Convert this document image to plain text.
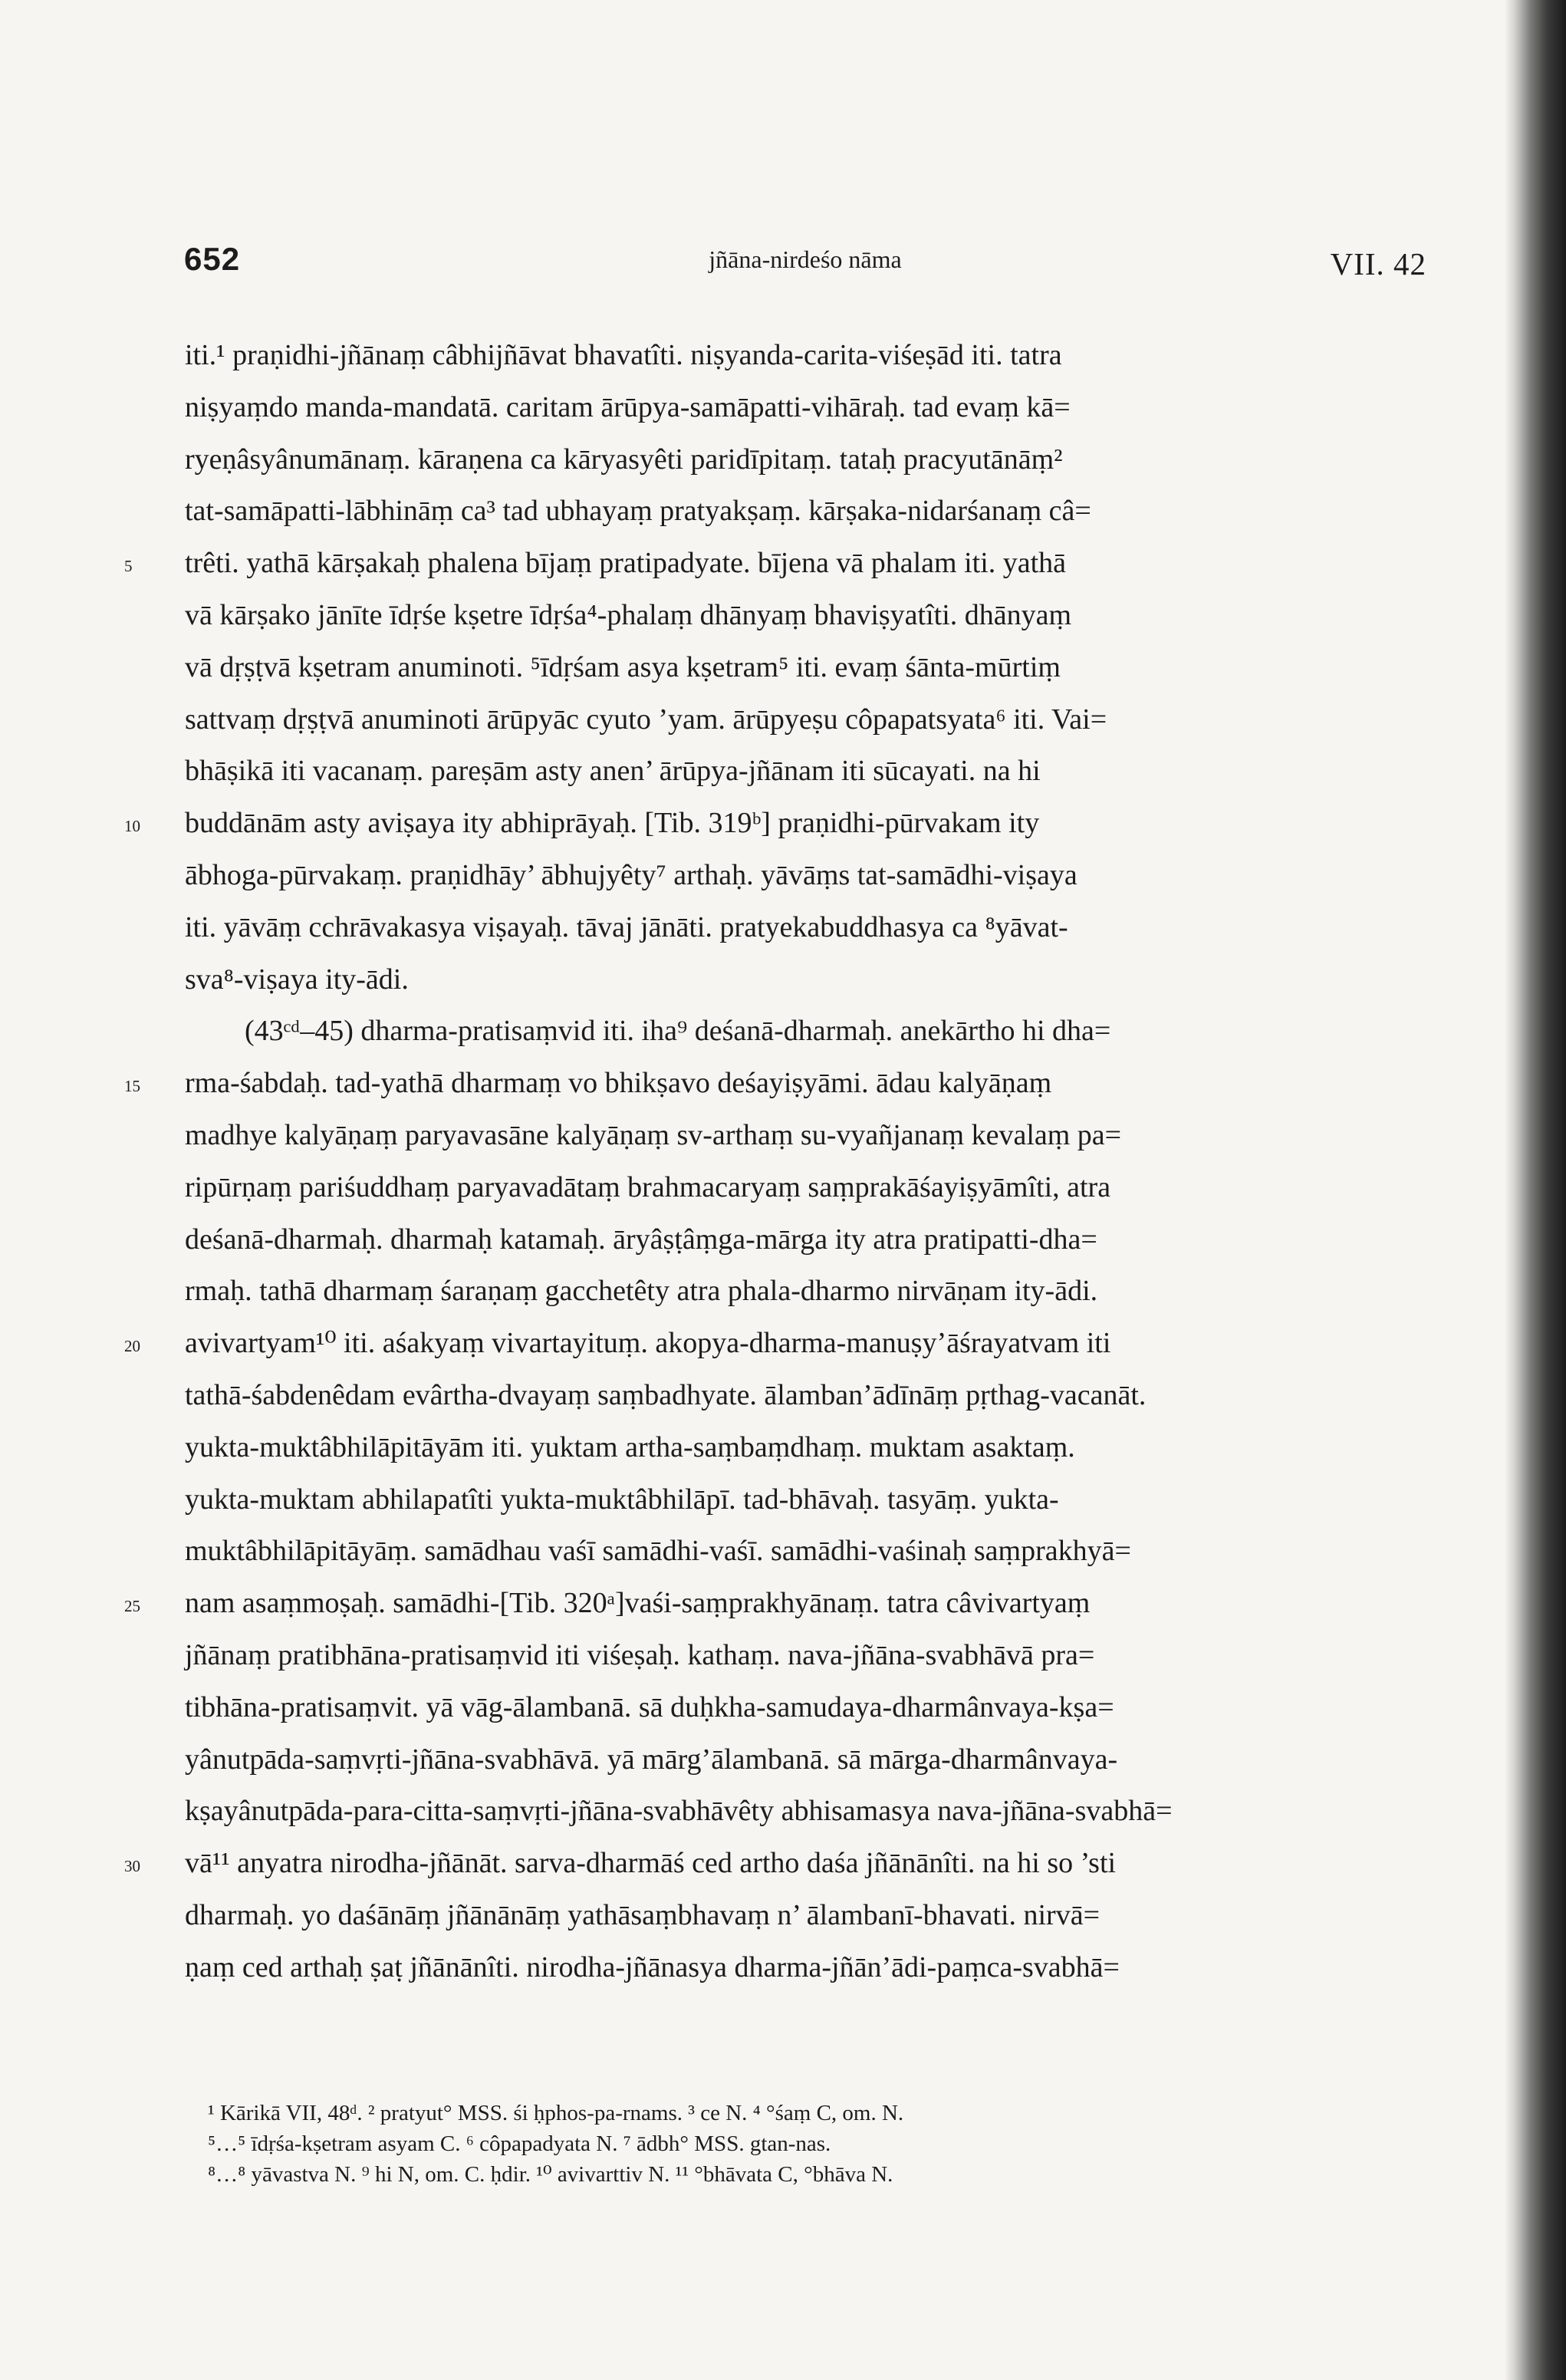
652	jñāna-nirdeśo nāma	VII. 42
iti.¹ praṇidhi-jñānaṃ câbhijñāvat bhavatîti. niṣyanda-carita-viśeṣād iti. tatra
niṣyaṃdo manda-mandatā. caritam ārūpya-samāpatti-vihāraḥ. tad evaṃ kā=
ryeṇâsyânumānaṃ. kāraṇena ca kāryasyêti paridīpitaṃ. tataḥ pracyutānāṃ²
tat-samāpatti-lābhināṃ ca³ tad ubhayaṃ pratyakṣaṃ. kārṣaka-nidarśanaṃ câ=
5 trêti. yathā kārṣakaḥ phalena bījaṃ pratipadyate. bījena vā phalam iti. yathā
vā kārṣako jānīte īdṛśe kṣetre īdṛśa⁴-phalaṃ dhānyaṃ bhaviṣyatîti. dhānyaṃ
vā dṛṣṭvā kṣetram anuminoti. ⁵īdṛśam asya kṣetram⁵ iti. evaṃ śānta-mūrtiṃ
sattvaṃ dṛṣṭvā anuminoti ārūpyāc cyuto ’yam. ārūpyeṣu côpapatsyata⁶ iti. Vai=
bhāṣikā iti vacanaṃ. pareṣām asty anen’ ārūpya-jñānam iti sūcayati. na hi
10 buddānām asty aviṣaya ity abhiprāyaḥ. [Tib. 319ᵇ] praṇidhi-pūrvakam ity
ābhoga-pūrvakaṃ. praṇidhāy’ ābhujyêty⁷ arthaḥ. yāvāṃs tat-samādhi-viṣaya
iti. yāvāṃ cchrāvakasya viṣayaḥ. tāvaj jānāti. pratyekabuddhasya ca ⁸yāvat-
sva⁸-viṣaya ity-ādi.
(43ᶜᵈ–45) dharma-pratisaṃvid iti. iha⁹ deśanā-dharmaḥ. anekārtho hi dha=
15 rma-śabdaḥ. tad-yathā dharmaṃ vo bhikṣavo deśayiṣyāmi. ādau kalyāṇaṃ
madhye kalyāṇaṃ paryavasāne kalyāṇaṃ sv-arthaṃ su-vyañjanaṃ kevalaṃ pa=
ripūrṇaṃ pariśuddhaṃ paryavadātaṃ brahmacaryaṃ saṃprakāśayiṣyāmîti, atra
deśanā-dharmaḥ. dharmaḥ katamaḥ. āryâṣṭâṃga-mārga ity atra pratipatti-dha=
rmaḥ. tathā dharmaṃ śaraṇaṃ gacchetêty atra phala-dharmo nirvāṇam ity-ādi.
20 avivartyam¹⁰ iti. aśakyaṃ vivartayituṃ. akopya-dharma-manuṣy’āśrayatvam iti
tathā-śabdenêdam evârtha-dvayaṃ saṃbadhyate. ālamban’ādīnāṃ pṛthag-vacanāt.
yukta-muktâbhilāpitāyām iti. yuktam artha-saṃbaṃdhaṃ. muktam asaktaṃ.
yukta-muktam abhilapatîti yukta-muktâbhilāpī. tad-bhāvaḥ. tasyāṃ. yukta-
muktâbhilāpitāyāṃ. samādhau vaśī samādhi-vaśī. samādhi-vaśinaḥ saṃprakhyā=
25 nam asaṃmoṣaḥ. samādhi-[Tib. 320ᵃ]vaśi-saṃprakhyānaṃ. tatra câvivartyaṃ
jñānaṃ pratibhāna-pratisaṃvid iti viśeṣaḥ. kathaṃ. nava-jñāna-svabhāvā pra=
tibhāna-pratisaṃvit. yā vāg-ālambanā. sā duḥkha-samudaya-dharmânvaya-kṣa=
yânutpāda-saṃvṛti-jñāna-svabhāvā. yā mārg’ālambanā. sā mārga-dharmânvaya-
kṣayânutpāda-para-citta-saṃvṛti-jñāna-svabhāvêty abhisamasya nava-jñāna-svabhā=
30 vā¹¹ anyatra nirodha-jñānāt. sarva-dharmāś ced artho daśa jñānānîti. na hi so ’sti
dharmaḥ. yo daśānāṃ jñānānāṃ yathāsaṃbhavaṃ n’ ālambanī-bhavati. nirvā=
ṇaṃ ced arthaḥ ṣaṭ jñānānîti. nirodha-jñānasya dharma-jñān’ādi-paṃca-svabhā=
¹ Kārikā VII, 48ᵈ. ² pratyut° MSS. śi ḥphos-pa-rnams. ³ ce N. ⁴ °śaṃ C, om. N.
⁵…⁵ īdṛśa-kṣetram asyam C. ⁶ côpapadyata N. ⁷ ādbh° MSS. gtan-nas.
⁸…⁸ yāvastva N. ⁹ hi N, om. C. ḥdir. ¹⁰ avivarttiv N. ¹¹ °bhāvata C, °bhāva N.
